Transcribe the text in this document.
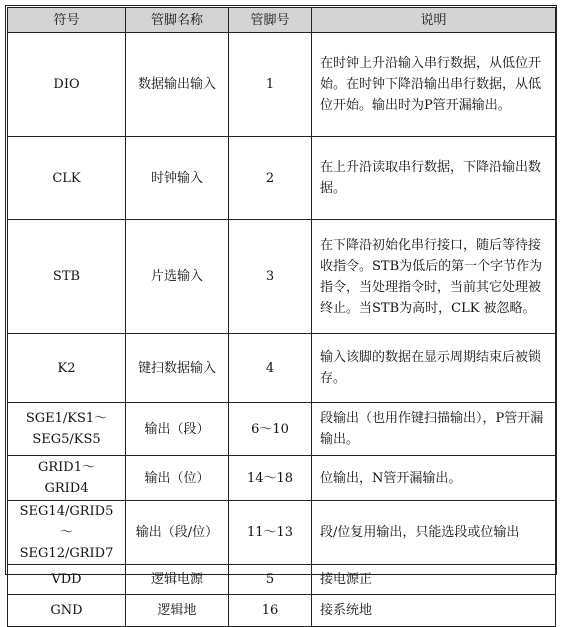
符号	管脚名称	管脚号	说明
DIO	数据输出输入	1	在时钟上升沿输入串行数据，从低位开始。在时钟下降沿输出串行数据，从低位开始。输出时为P管开漏输出。
CLK	时钟输入	2	在上升沿读取串行数据，下降沿输出数据。
STB	片选输入	3	在下降沿初始化串行接口，随后等待接收指令。STB为低后的第一个字节作为指令，当处理指令时，当前其它处理被终止。当STB为高时，CLK 被忽略。
K2	键扫数据输入	4	输入该脚的数据在显示周期结束后被锁存。
SGE1/KS1～SEG5/KS5	输出（段）	6～10	段输出（也用作键扫描输出），P管开漏输出。
GRID1～ GRID4	输出（位）	14～18	位输出，N管开漏输出。
SEG14/GRID5～SEG12/GRID7	输出（段/位）	11～13	段/位复用输出，只能选段或位输出
VDD	逻辑电源	5	接电源正
GND	逻辑地	16	接系统地
